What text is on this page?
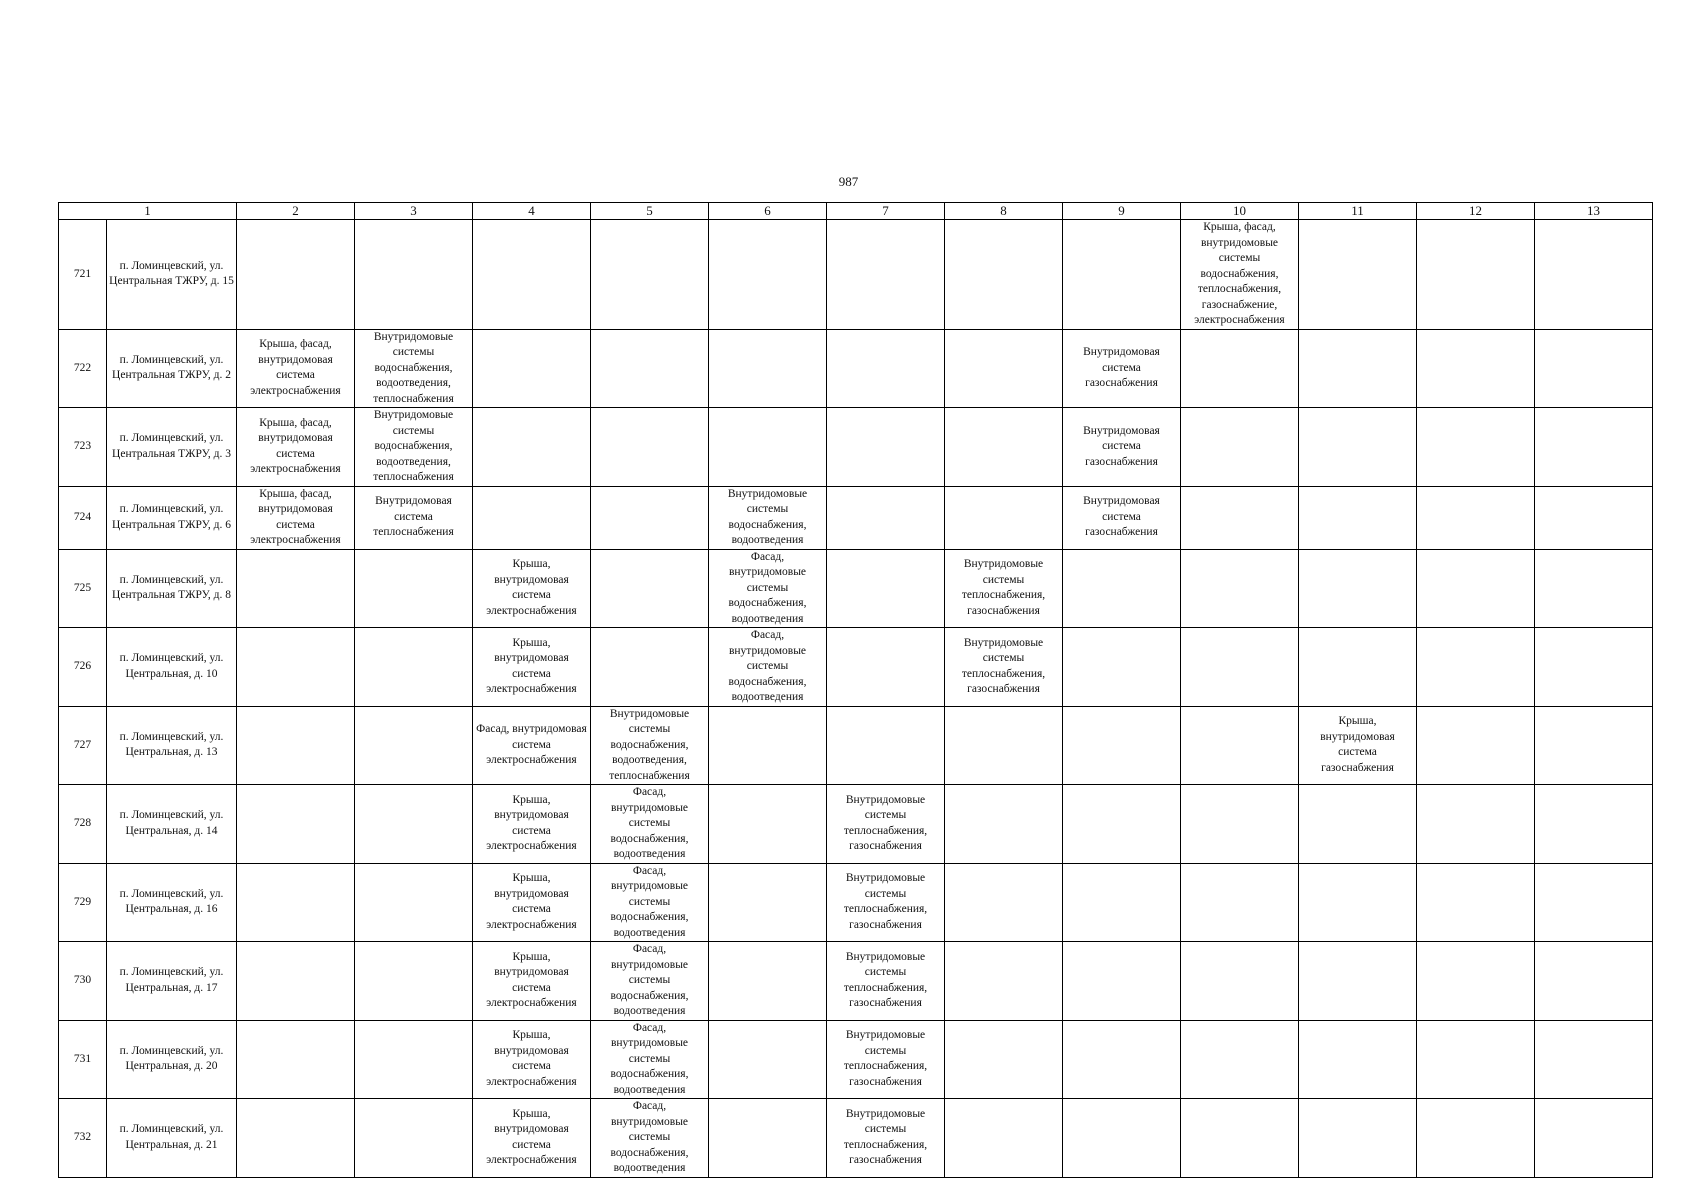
987
1		2	3	4	5	6	7	8	9	10	11	12	13

721	п. Ломинцевский, ул. Центральная ТЖРУ, д. 15									Крыша, фасад, внутридомовые системы водоснабжения, теплоснабжения, газоснабжение, электроснабжения			

722	п. Ломинцевский, ул. Центральная ТЖРУ, д. 2	Крыша, фасад, внутридомовая система электроснабжения	Внутридомовые системы водоснабжения, водоотведения, теплоснабжения						Внутридомовая система газоснабжения				

723	п. Ломинцевский, ул. Центральная ТЖРУ, д. 3	Крыша, фасад, внутридомовая система электроснабжения	Внутридомовые системы водоснабжения, водоотведения, теплоснабжения						Внутридомовая система газоснабжения				

724	п. Ломинцевский, ул. Центральная ТЖРУ, д. 6	Крыша, фасад, внутридомовая система электроснабжения	Внутридомовая система теплоснабжения			Внутридомовые системы водоснабжения, водоотведения			Внутридомовая система газоснабжения				

725	п. Ломинцевский, ул. Центральная ТЖРУ, д. 8			Крыша, внутридомовая система электроснабжения		Фасад, внутридомовые системы водоснабжения, водоотведения		Внутридомовые системы теплоснабжения, газоснабжения					

726	п. Ломинцевский, ул. Центральная, д. 10			Крыша, внутридомовая система электроснабжения		Фасад, внутридомовые системы водоснабжения, водоотведения		Внутридомовые системы теплоснабжения, газоснабжения					

727	п. Ломинцевский, ул. Центральная, д. 13			Фасад, внутридомовая система электроснабжения	Внутридомовые системы водоснабжения, водоотведения, теплоснабжения						Крыша, внутридомовая система газоснабжения		

728	п. Ломинцевский, ул. Центральная, д. 14			Крыша, внутридомовая система электроснабжения	Фасад, внутридомовые системы водоснабжения, водоотведения		Внутридомовые системы теплоснабжения, газоснабжения						

729	п. Ломинцевский, ул. Центральная, д. 16			Крыша, внутридомовая система электроснабжения	Фасад, внутридомовые системы водоснабжения, водоотведения		Внутридомовые системы теплоснабжения, газоснабжения						

730	п. Ломинцевский, ул. Центральная, д. 17			Крыша, внутридомовая система электроснабжения	Фасад, внутридомовые системы водоснабжения, водоотведения		Внутридомовые системы теплоснабжения, газоснабжения						

731	п. Ломинцевский, ул. Центральная, д. 20			Крыша, внутридомовая система электроснабжения	Фасад, внутридомовые системы водоснабжения, водоотведения		Внутридомовые системы теплоснабжения, газоснабжения						

732	п. Ломинцевский, ул. Центральная, д. 21			Крыша, внутридомовая система электроснабжения	Фасад, внутридомовые системы водоснабжения, водоотведения		Внутридомовые системы теплоснабжения, газоснабжения						
